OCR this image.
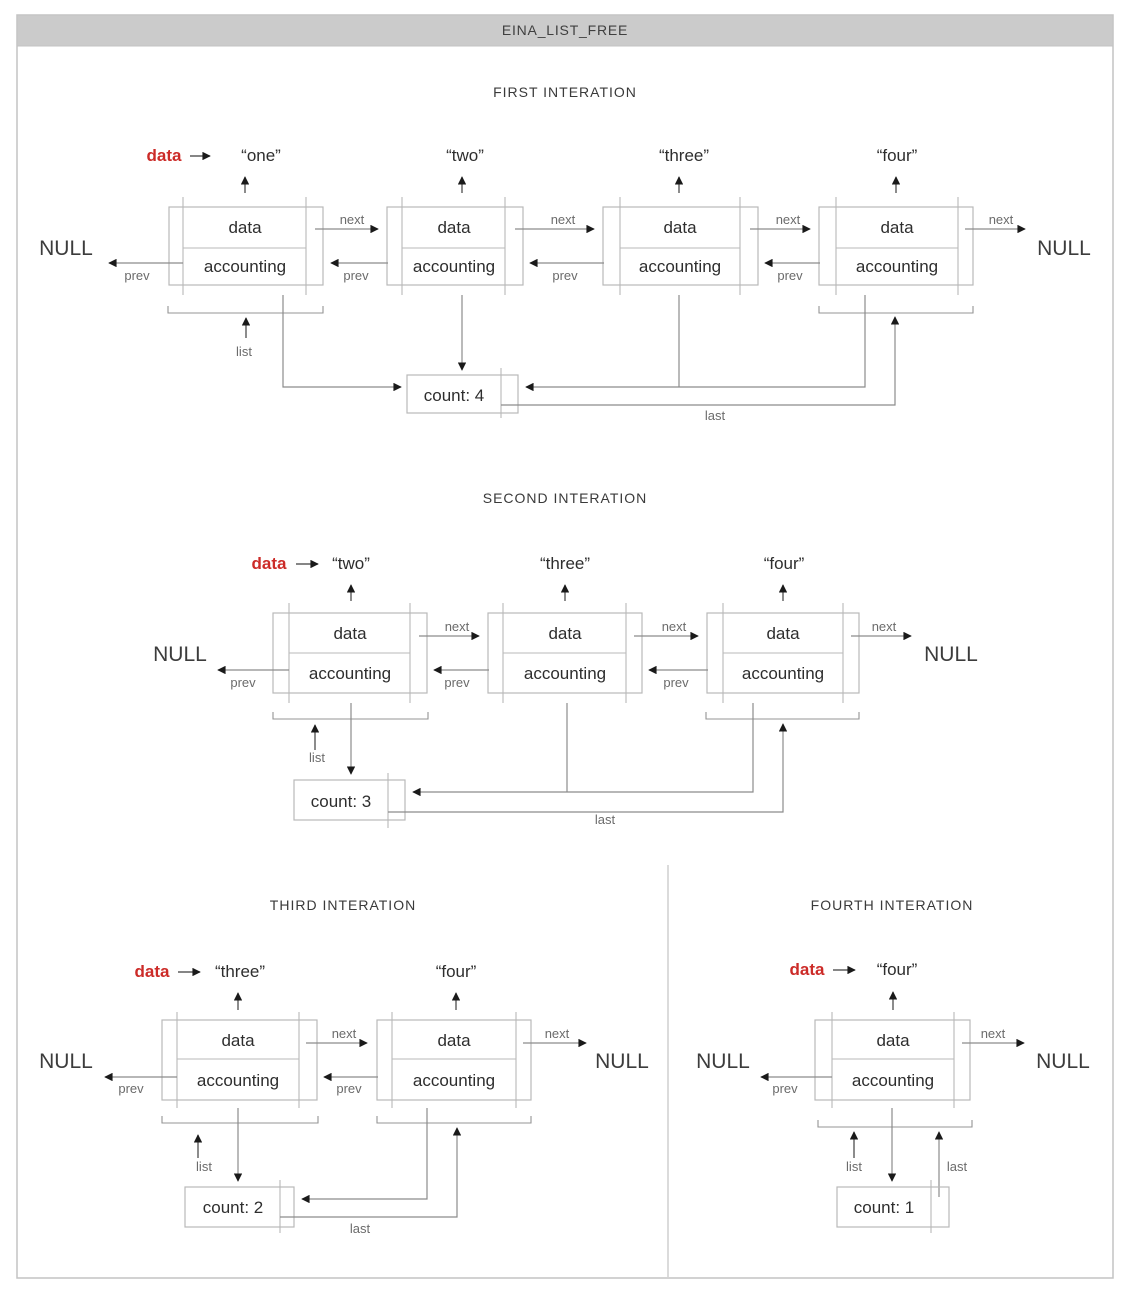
EINA_LIST_FREE
FIRST INTERATION
data	“one”	“two”	“three”	“four”
data
accounting
data
accounting
data
accounting
data
accounting
NULL	NULL
next	next	next	next
prev	prev	prev	prev
list
count: 4
last
SECOND INTERATION
data	“two”	“three”	“four”
data
accounting
data
accounting
data
accounting
NULL	NULL
next	next	next
prev	prev	prev
list
count: 3
last
THIRD INTERATION
data	“three”	“four”
data
accounting
data
accounting
NULL	NULL
next	next
prev	prev
list
count: 2
last
FOURTH INTERATION
data	“four”
data
accounting
NULL	NULL
next
prev
list	last
count: 1
